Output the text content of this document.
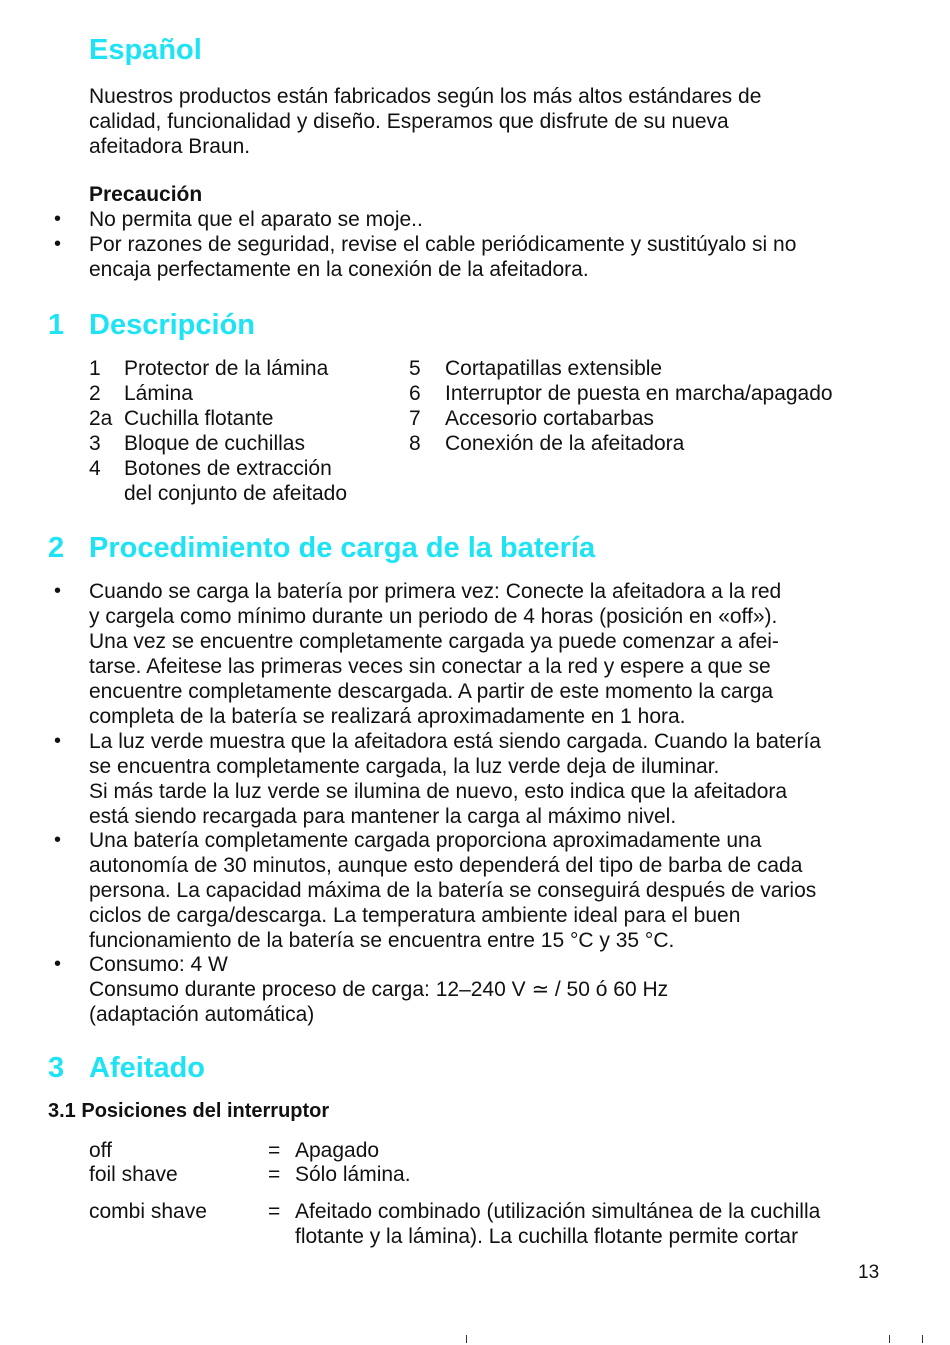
Español
Nuestros productos están fabricados según los más altos estándares de
calidad, funcionalidad y diseño. Esperamos que disfrute de su nueva
afeitadora Braun.
Precaución
• No permita que el aparato se moje..
• Por razones de seguridad, revise el cable periódicamente y sustitúyalo si no
encaja perfectamente en la conexión de la afeitadora.
1 Descripción
1 Protector de la lámina
2 Lámina
2a Cuchilla flotante
3 Bloque de cuchillas
4 Botones de extracción
del conjunto de afeitado
5 Cortapatillas extensible
6 Interruptor de puesta en marcha/apagado
7 Accesorio cortabarbas
8 Conexión de la afeitadora
2 Procedimiento de carga de la batería
• Cuando se carga la batería por primera vez: Conecte la afeitadora a la red
y cargela como mínimo durante un periodo de 4 horas (posición en «off»).
Una vez se encuentre completamente cargada ya puede comenzar a afei-
tarse. Afeitese las primeras veces sin conectar a la red y espere a que se
encuentre completamente descargada. A partir de este momento la carga
completa de la batería se realizará aproximadamente en 1 hora.
• La luz verde muestra que la afeitadora está siendo cargada. Cuando la batería
se encuentra completamente cargada, la luz verde deja de iluminar.
Si más tarde la luz verde se ilumina de nuevo, esto indica que la afeitadora
está siendo recargada para mantener la carga al máximo nivel.
• Una batería completamente cargada proporciona aproximadamente una
autonomía de 30 minutos, aunque esto dependerá del tipo de barba de cada
persona. La capacidad máxima de la batería se conseguirá después de varios
ciclos de carga/descarga. La temperatura ambiente ideal para el buen
funcionamiento de la batería se encuentra entre 15 °C y 35 °C.
• Consumo: 4 W
Consumo durante proceso de carga: 12–240 V ≃ / 50 ó 60 Hz
(adaptación automática)
3 Afeitado
3.1 Posiciones del interruptor
off	= Apagado
foil shave	= Sólo lámina.
combi shave	= Afeitado combinado (utilización simultánea de la cuchilla
flotante y la lámina). La cuchilla flotante permite cortar
13
